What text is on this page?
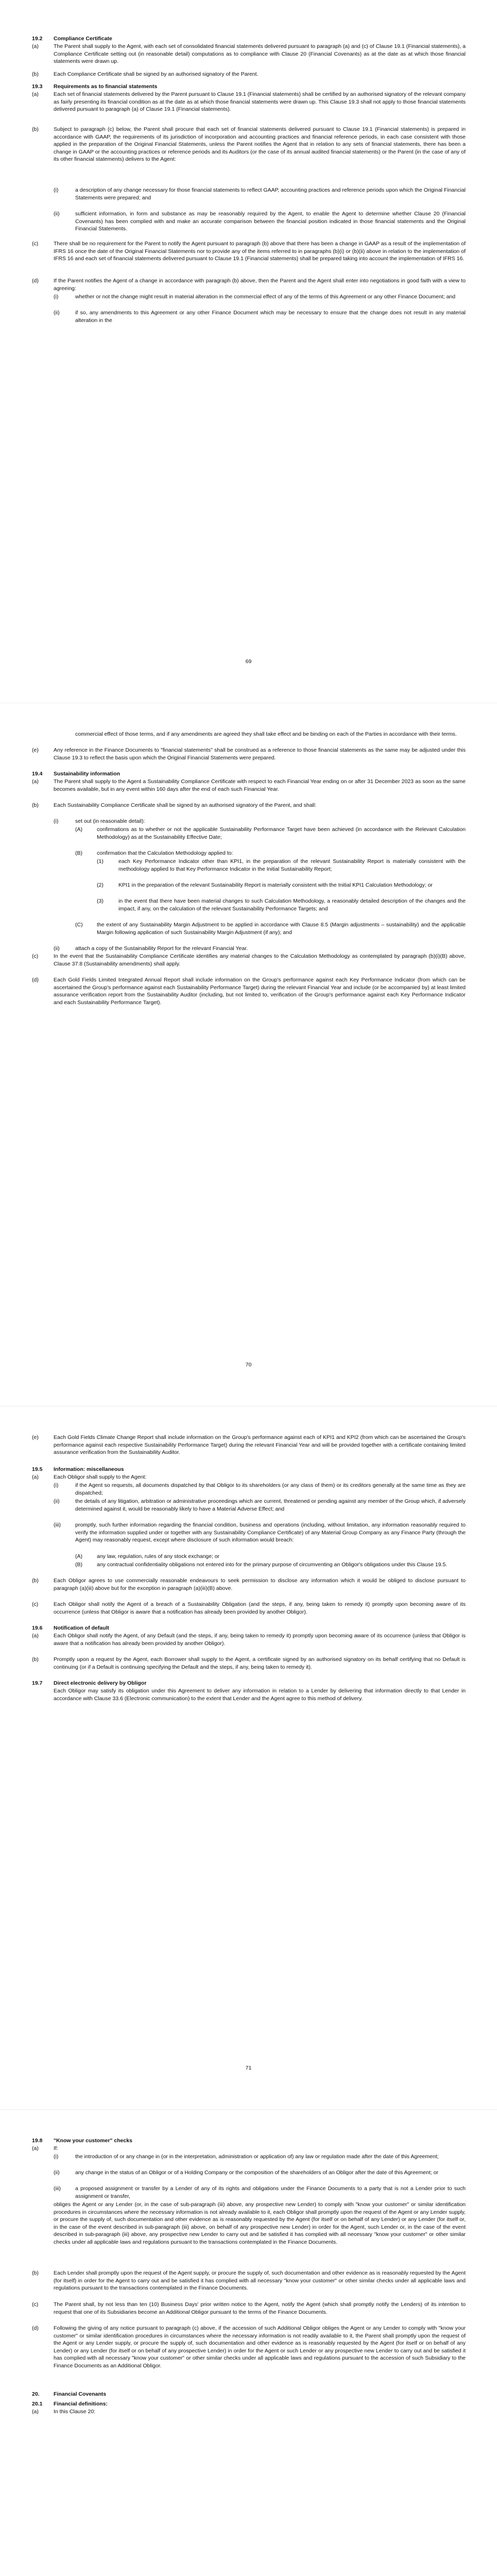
19.2 Compliance Certificate
(a)	The Parent shall supply to the Agent, with each set of consolidated financial statements delivered pursuant to paragraph (a) and (c) of Clause 19.1 (Financial statements), a Compliance Certificate setting out (in reasonable detail) computations as to compliance with Clause 20 (Financial Covenants) as at the date as at which those financial statements were drawn up.
(b)	Each Compliance Certificate shall be signed by an authorised signatory of the Parent.
19.3 Requirements as to financial statements
(a)	Each set of financial statements delivered by the Parent pursuant to Clause 19.1 (Financial statements) shall be certified by an authorised signatory of the relevant company as fairly presenting its financial condition as at the date as at which those financial statements were drawn up. This Clause 19.3 shall not apply to those financial statements delivered pursuant to paragraph (a) of Clause 19.1 (Financial statements).
(b)	Subject to paragraph (c) below, the Parent shall procure that each set of financial statements delivered pursuant to Clause 19.1 (Financial statements) is prepared in accordance with GAAP, the requirements of its jurisdiction of incorporation and accounting practices and financial reference periods, in each case consistent with those applied in the preparation of the Original Financial Statements, unless the Parent notifies the Agent that in relation to any sets of financial statements, there has been a change in GAAP or the accounting practices or reference periods and its Auditors (or the case of its annual audited financial statements) or the Parent (in the case of any of its other financial statements) delivers to the Agent:
(i)	a description of any change necessary for those financial statements to reflect GAAP, accounting practices and reference periods upon which the Original Financial Statements were prepared; and
(ii)	sufficient information, in form and substance as may be reasonably required by the Agent, to enable the Agent to determine whether Clause 20 (Financial Covenants) has been complied with and make an accurate comparison between the financial position indicated in those financial statements and the Original Financial Statements.
(c)	There shall be no requirement for the Parent to notify the Agent pursuant to paragraph (b) above that there has been a change in GAAP as a result of the implementation of IFRS 16 once the date of the Original Financial Statements nor to provide any of the items referred to in paragraphs (b)(i) or (b)(ii) above in relation to the implementation of IFRS 16 and each set of financial statements delivered pursuant to Clause 19.1 (Financial statements) shall be prepared taking into account the implementation of IFRS 16.
(d)	If the Parent notifies the Agent of a change in accordance with paragraph (b) above, then the Parent and the Agent shall enter into negotiations in good faith with a view to agreeing:
(i)	whether or not the change might result in material alteration in the commercial effect of any of the terms of this Agreement or any other Finance Document; and
(ii)	if so, any amendments to this Agreement or any other Finance Document which may be necessary to ensure that the change does not result in any material alteration in the
69
commercial effect of those terms, and if any amendments are agreed they shall take effect and be binding on each of the Parties in accordance with their terms.
(e)	Any reference in the Finance Documents to "financial statements" shall be construed as a reference to those financial statements as the same may be adjusted under this Clause 19.3 to reflect the basis upon which the Original Financial Statements were prepared.
19.4 Sustainability information
(a)	The Parent shall supply to the Agent a Sustainability Compliance Certificate with respect to each Financial Year ending on or after 31 December 2023 as soon as the same becomes available, but in any event within 160 days after the end of each such Financial Year.
(b)	Each Sustainability Compliance Certificate shall be signed by an authorised signatory of the Parent, and shall:
(i)	set out (in reasonable detail):
(A)	confirmations as to whether or not the applicable Sustainability Performance Target have been achieved (in accordance with the Relevant Calculation Methodology) as at the Sustainability Effective Date;
(B)	confirmation that the Calculation Methodology applied to:
(1)	each Key Performance Indicator other than KPI1, in the preparation of the relevant Sustainability Report is materially consistent with the methodology applied to that Key Performance Indicator in the Initial Sustainability Report;
(2)	KPI1 in the preparation of the relevant Sustainability Report is materially consistent with the Initial KPI1 Calculation Methodology; or
(3)	in the event that there have been material changes to such Calculation Methodology, a reasonably detailed description of the changes and the impact, if any, on the calculation of the relevant Sustainability Performance Targets; and
(C)	the extent of any Sustainability Margin Adjustment to be applied in accordance with Clause 8.5 (Margin adjustments – sustainability) and the applicable Margin following application of such Sustainability Margin Adjustment (if any); and
(ii)	attach a copy of the Sustainability Report for the relevant Financial Year.
(c)	In the event that the Sustainability Compliance Certificate identifies any material changes to the Calculation Methodology as contemplated by paragraph (b)(i)(B) above, Clause 37.8 (Sustainability amendments) shall apply.
(d)	Each Gold Fields Limited Integrated Annual Report shall include information on the Group's performance against each Key Performance Indicator (from which can be ascertained the Group's performance against each Sustainability Performance Target) during the relevant Financial Year and include (or be accompanied by) at least limited assurance verification report from the Sustainability Auditor (including, but not limited to, verification of the Group's performance against each Key Performance Indicator and each Sustainability Performance Target).
70
(e)	Each Gold Fields Climate Change Report shall include information on the Group's performance against each of KPI1 and KPI2 (from which can be ascertained the Group's performance against each respective Sustainability Performance Target) during the relevant Financial Year and will be provided together with a certificate containing limited assurance verification from the Sustainability Auditor.
19.5 Information: miscellaneous
(a)	Each Obligor shall supply to the Agent:
(i)	if the Agent so requests, all documents dispatched by that Obligor to its shareholders (or any class of them) or its creditors generally at the same time as they are dispatched;
(ii)	the details of any litigation, arbitration or administrative proceedings which are current, threatened or pending against any member of the Group which, if adversely determined against it, would be reasonably likely to have a Material Adverse Effect; and
(iii)	promptly, such further information regarding the financial condition, business and operations (including, without limitation, any information reasonably required to verify the information supplied under or together with any Sustainability Compliance Certificate) of any Material Group Company as any Finance Party (through the Agent) may reasonably request, except where disclosure of such information would breach:
(A)	any law, regulation, rules of any stock exchange; or
(B)	any contractual confidentiality obligations not entered into for the primary purpose of circumventing an Obligor's obligations under this Clause 19.5.
(b)	Each Obligor agrees to use commercially reasonable endeavours to seek permission to disclose any information which it would be obliged to disclose pursuant to paragraph (a)(iii) above but for the exception in paragraph (a)(iii)(B) above.
(c)	Each Obligor shall notify the Agent of a breach of a Sustainability Obligation (and the steps, if any, being taken to remedy it) promptly upon becoming aware of its occurrence (unless that Obligor is aware that a notification has already been provided by another Obligor).
19.6 Notification of default
(a)	Each Obligor shall notify the Agent, of any Default (and the steps, if any, being taken to remedy it) promptly upon becoming aware of its occurrence (unless that Obligor is aware that a notification has already been provided by another Obligor).
(b)	Promptly upon a request by the Agent, each Borrower shall supply to the Agent, a certificate signed by an authorised signatory on its behalf certifying that no Default is continuing (or if a Default is continuing specifying the Default and the steps, if any, being taken to remedy it).
19.7 Direct electronic delivery by Obligor
Each Obligor may satisfy its obligation under this Agreement to deliver any information in relation to a Lender by delivering that information directly to that Lender in accordance with Clause 33.6 (Electronic communication) to the extent that Lender and the Agent agree to this method of delivery.
71
19.8 "Know your customer" checks
(a)	If:
(i)	the introduction of or any change in (or in the interpretation, administration or application of) any law or regulation made after the date of this Agreement;
(ii)	any change in the status of an Obligor or of a Holding Company or the composition of the shareholders of an Obligor after the date of this Agreement; or
(iii)	a proposed assignment or transfer by a Lender of any of its rights and obligations under the Finance Documents to a party that is not a Lender prior to such assignment or transfer,
obliges the Agent or any Lender (or, in the case of sub-paragraph (iii) above, any prospective new Lender) to comply with "know your customer" or similar identification procedures in circumstances where the necessary information is not already available to it, each Obligor shall promptly upon the request of the Agent or any Lender supply, or procure the supply of, such documentation and other evidence as is reasonably requested by the Agent (for itself or on behalf of any Lender) or any Lender (for itself or, in the case of the event described in sub-paragraph (iii) above, on behalf of any prospective new Lender) in order for the Agent, such Lender or, in the case of the event described in sub-paragraph (iii) above, any prospective new Lender to carry out and be satisfied it has complied with all necessary "know your customer" or other similar checks under all applicable laws and regulations pursuant to the transactions contemplated in the Finance Documents.
(b)	Each Lender shall promptly upon the request of the Agent supply, or procure the supply of, such documentation and other evidence as is reasonably requested by the Agent (for itself) in order for the Agent to carry out and be satisfied it has complied with all necessary "know your customer" or other similar checks under all applicable laws and regulations pursuant to the transactions contemplated in the Finance Documents.
(c)	The Parent shall, by not less than ten (10) Business Days' prior written notice to the Agent, notify the Agent (which shall promptly notify the Lenders) of its intention to request that one of its Subsidiaries become an Additional Obligor pursuant to the terms of the Finance Documents.
(d)	Following the giving of any notice pursuant to paragraph (c) above, if the accession of such Additional Obligor obliges the Agent or any Lender to comply with "know your customer" or similar identification procedures in circumstances where the necessary information is not readily available to it, the Parent shall promptly upon the request of the Agent or any Lender supply, or procure the supply of, such documentation and other evidence as is reasonably requested by the Agent (for itself or on behalf of any Lender) or any Lender (for itself or on behalf of any prospective Lender) in order for the Agent or such Lender or any prospective new Lender to carry out and be satisfied it has complied with all necessary "know your customer" or other similar checks under all applicable laws and regulations pursuant to the accession of such Subsidiary to the Finance Documents as an Additional Obligor.
20.	Financial Covenants
20.1 Financial definitions:
(a)	In this Clause 20:
